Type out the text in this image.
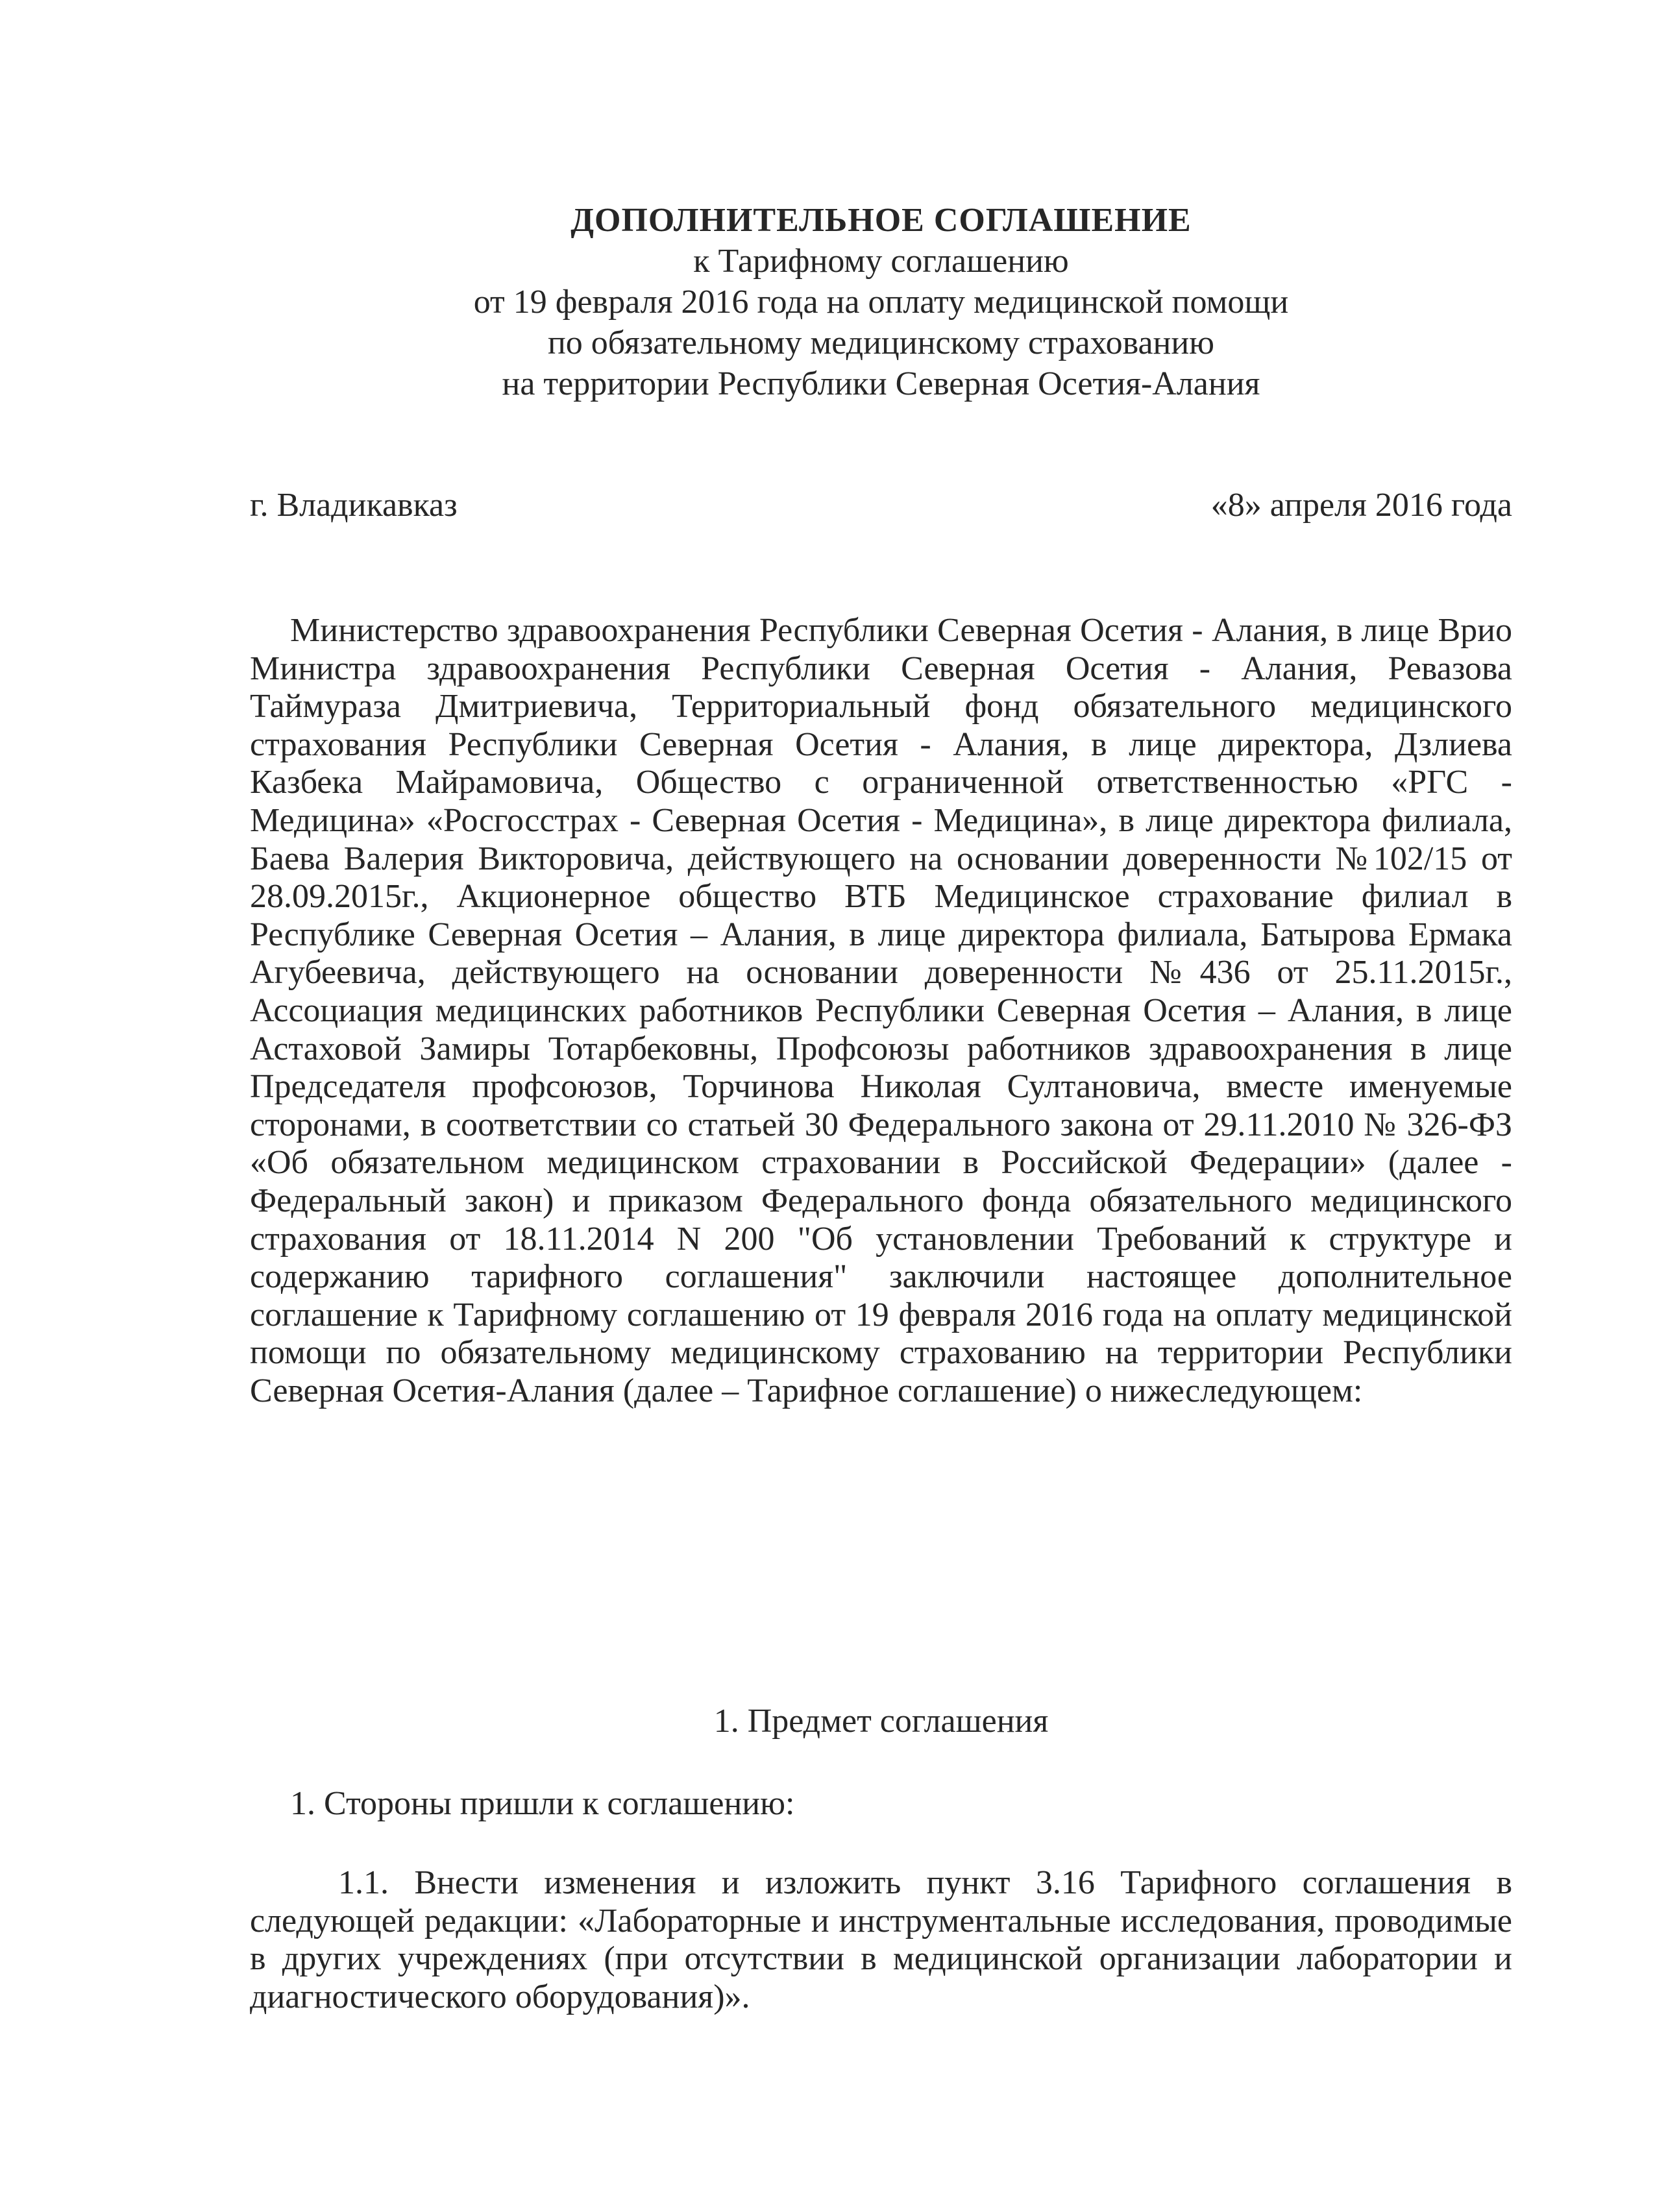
ДОПОЛНИТЕЛЬНОЕ СОГЛАШЕНИЕ
к Тарифному соглашению
от 19 февраля 2016 года на оплату медицинской помощи
по обязательному медицинскому страхованию
на территории Республики Северная Осетия-Алания
г. Владикавказ	«8» апреля 2016 года

Министерство здравоохранения Республики Северная Осетия - Алания, в лице Врио Министра здравоохранения Республики Северная Осетия - Алания, Ревазова Таймураза Дмитриевича, Территориальный фонд обязательного медицинского страхования Республики Северная Осетия - Алания, в лице директора, Дзлиева Казбека Майрамовича, Общество с ограниченной ответственностью «РГС - Медицина» «Росгосстрах - Северная Осетия - Медицина», в лице директора филиала, Баева Валерия Викторовича, действующего на основании доверенности №102/15 от 28.09.2015г., Акционерное общество ВТБ Медицинское страхование филиал в Республике Северная Осетия – Алания, в лице директора филиала, Батырова Ермака Агубеевича, действующего на основании доверенности №436 от 25.11.2015г., Ассоциация медицинских работников Республики Северная Осетия – Алания, в лице Астаховой Замиры Тотарбековны, Профсоюзы работников здравоохранения в лице Председателя профсоюзов, Торчинова Николая Султановича, вместе именуемые сторонами, в соответствии со статьей 30 Федерального закона от 29.11.2010 № 326-ФЗ «Об обязательном медицинском страховании в Российской Федерации» (далее - Федеральный закон) и приказом Федерального фонда обязательного медицинского страхования от 18.11.2014 N 200 "Об установлении Требований к структуре и содержанию тарифного соглашения" заключили настоящее дополнительное соглашение к Тарифному соглашению от 19 февраля 2016 года на оплату медицинской помощи по обязательному медицинскому страхованию на территории Республики Северная Осетия-Алания (далее – Тарифное соглашение) о нижеследующем:

1. Предмет соглашения
1. Стороны пришли к соглашению:

1.1. Внести изменения и изложить пункт 3.16 Тарифного соглашения в следующей редакции: «Лабораторные и инструментальные исследования, проводимые в других учреждениях (при отсутствии в медицинской организации лаборатории и диагностического оборудования)».
